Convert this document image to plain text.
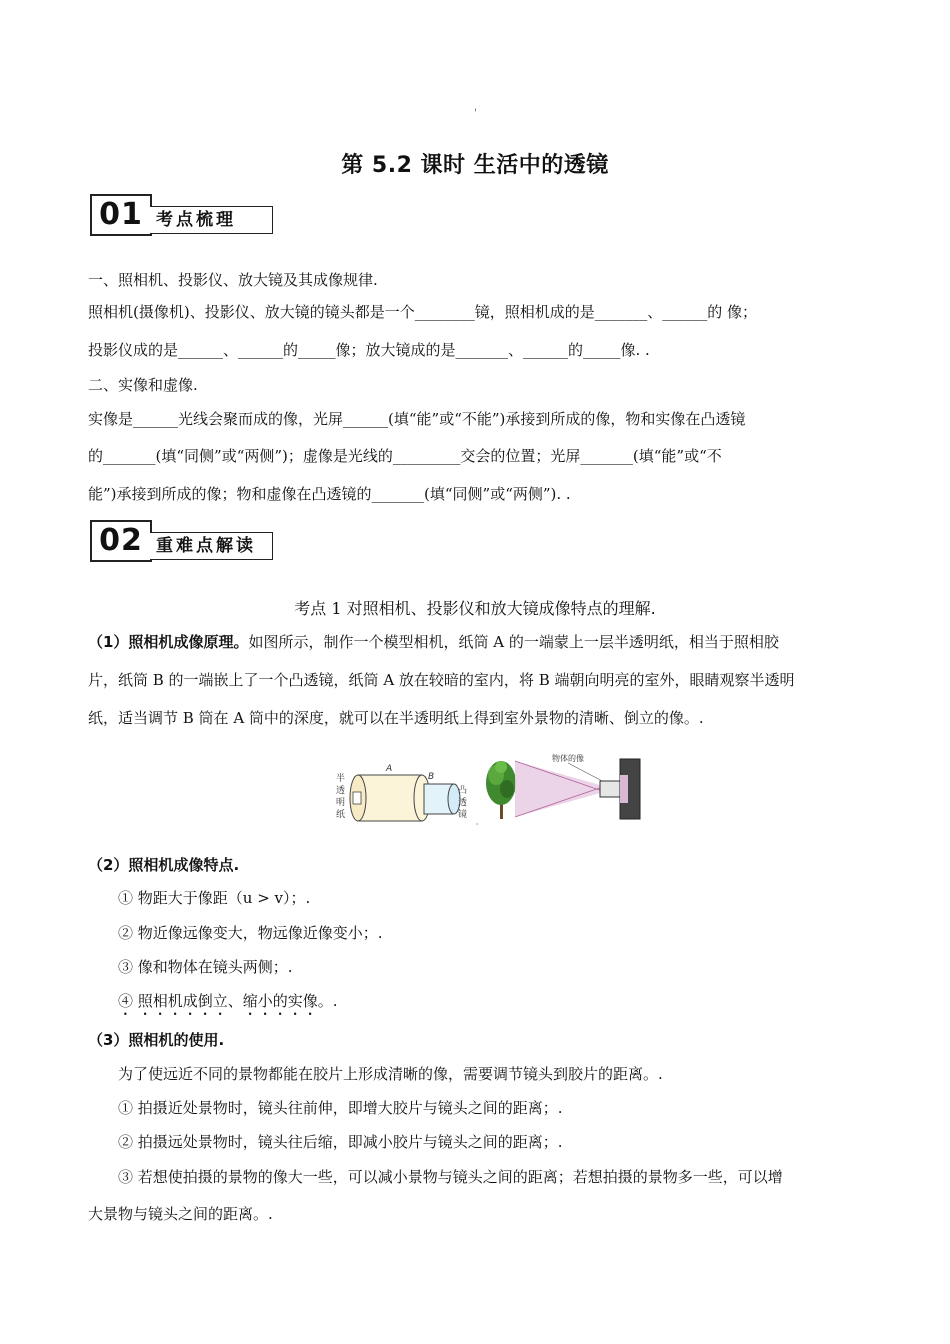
'
第 5.2 课时 生活中的透镜
01 考点梳理
一、照相机、投影仪、放大镜及其成像规律.
照相机(摄像机)、投影仪、放大镜的镜头都是一个________镜，照相机成的是_______、______的 像；
投影仪成的是______、______的_____像；放大镜成的是_______、______的_____像. .
二、实像和虚像.
实像是______光线会聚而成的像，光屏______(填“能”或“不能”)承接到所成的像，物和实像在凸透镜
的_______(填“同侧”或“两侧”)；虚像是光线的_________交会的位置；光屏_______(填“能”或“不
能”)承接到所成的像；物和虚像在凸透镜的_______(填“同侧”或“两侧”). .
02 重难点解读
考点 1 对照相机、投影仪和放大镜成像特点的理解.
（1）照相机成像原理。如图所示，制作一个模型相机，纸筒 A 的一端蒙上一层半透明纸，相当于照相胶
片，纸筒 B 的一端嵌上了一个凸透镜，纸筒 A 放在较暗的室内，将 B 端朝向明亮的室外，眼睛观察半透明
纸，适当调节 B 筒在 A 筒中的深度，就可以在半透明纸上得到室外景物的清晰、倒立的像。.
半
透
明
纸
A
B
凸
透
镜
物体的像
'
（2）照相机成像特点.
① 物距大于像距（u > v）；.
② 物近像远像变大，物远像近像变小；.
③ 像和物体在镜头两侧；.
④ 照相机成倒立、缩小的实像。.
（3）照相机的使用.
为了使远近不同的景物都能在胶片上形成清晰的像，需要调节镜头到胶片的距离。.
① 拍摄近处景物时，镜头往前伸，即增大胶片与镜头之间的距离；.
② 拍摄远处景物时，镜头往后缩，即减小胶片与镜头之间的距离；.
③ 若想使拍摄的景物的像大一些，可以减小景物与镜头之间的距离；若想拍摄的景物多一些，可以增
大景物与镜头之间的距离。.
